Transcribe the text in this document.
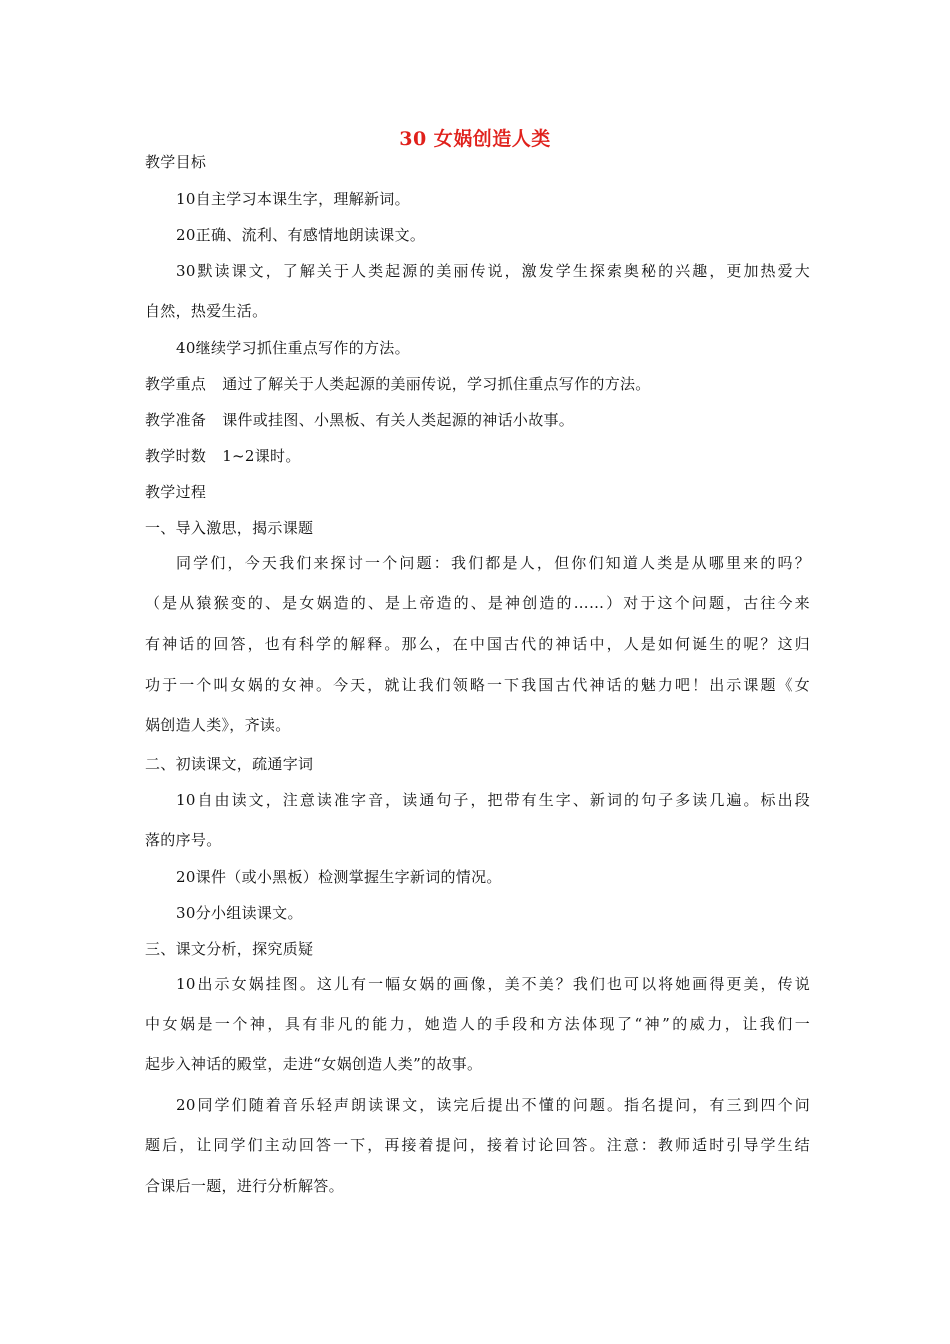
30 女娲创造人类
教学目标
10自主学习本课生字，理解新词。
20正确、流利、有感情地朗读课文。
30默读课文，了解关于人类起源的美丽传说，激发学生探索奥秘的兴趣，更加热爱大
自然，热爱生活。
40继续学习抓住重点写作的方法。
教学重点 通过了解关于人类起源的美丽传说，学习抓住重点写作的方法。
教学准备 课件或挂图、小黑板、有关人类起源的神话小故事。
教学时数 1~2课时。
教学过程
一、导入激思，揭示课题
同学们，今天我们来探讨一个问题：我们都是人，但你们知道人类是从哪里来的吗？
（是从猿猴变的、是女娲造的、是上帝造的、是神创造的……）对于这个问题，古往今来
有神话的回答，也有科学的解释。那么，在中国古代的神话中，人是如何诞生的呢？这归
功于一个叫女娲的女神。今天，就让我们领略一下我国古代神话的魅力吧！出示课题《女
娲创造人类》，齐读。
二、初读课文，疏通字词
10自由读文，注意读准字音，读通句子，把带有生字、新词的句子多读几遍。标出段
落的序号。
20课件（或小黑板）检测掌握生字新词的情况。
30分小组读课文。
三、课文分析，探究质疑
10出示女娲挂图。这儿有一幅女娲的画像，美不美？我们也可以将她画得更美，传说
中女娲是一个神，具有非凡的能力，她造人的手段和方法体现了“神”的威力，让我们一
起步入神话的殿堂，走进“女娲创造人类”的故事。
20同学们随着音乐轻声朗读课文，读完后提出不懂的问题。指名提问，有三到四个问
题后，让同学们主动回答一下，再接着提问，接着讨论回答。注意：教师适时引导学生结
合课后一题，进行分析解答。
